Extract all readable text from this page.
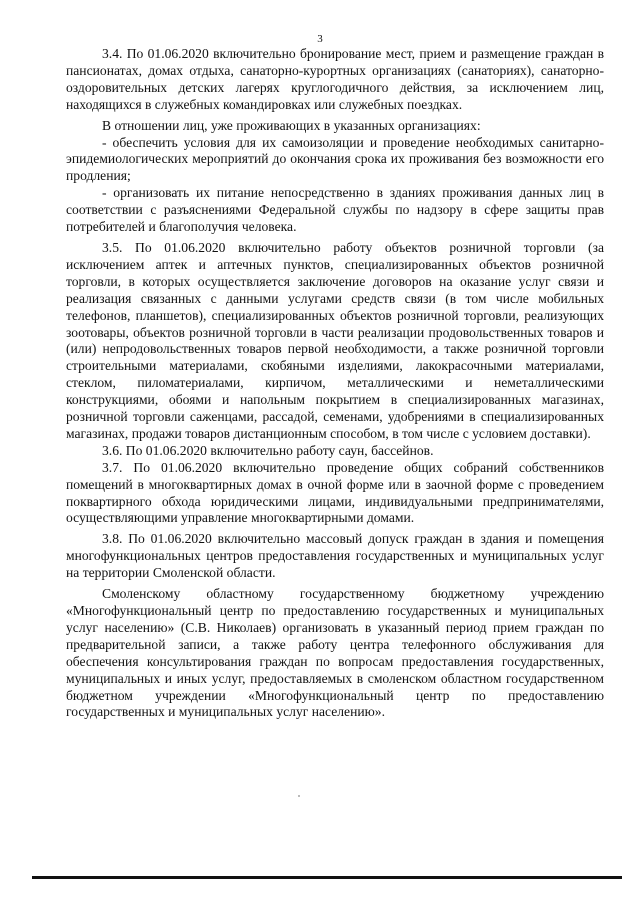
3

3.4. По 01.06.2020 включительно бронирование мест, прием и размещение граждан в пансионатах, домах отдыха, санаторно-курортных организациях (санаториях), санаторно-оздоровительных детских лагерях круглогодичного действия, за исключением лиц, находящихся в служебных командировках или служебных поездках.

В отношении лиц, уже проживающих в указанных организациях:

- обеспечить условия для их самоизоляции и проведение необходимых санитарно-эпидемиологических мероприятий до окончания срока их проживания без возможности его продления;

- организовать их питание непосредственно в зданиях проживания данных лиц в соответствии с разъяснениями Федеральной службы по надзору в сфере защиты прав потребителей и благополучия человека.

3.5. По 01.06.2020 включительно работу объектов розничной торговли (за исключением аптек и аптечных пунктов, специализированных объектов розничной торговли, в которых осуществляется заключение договоров на оказание услуг связи и реализация связанных с данными услугами средств связи (в том числе мобильных телефонов, планшетов), специализированных объектов розничной торговли, реализующих зоотовары, объектов розничной торговли в части реализации продовольственных товаров и (или) непродовольственных товаров первой необходимости, а также розничной торговли строительными материалами, скобяными изделиями, лакокрасочными материалами, стеклом, пиломатериалами, кирпичом, металлическими и неметаллическими конструкциями, обоями и напольным покрытием в специализированных магазинах, розничной торговли саженцами, рассадой, семенами, удобрениями в специализированных магазинах, продажи товаров дистанционным способом, в том числе с условием доставки).

3.6. По 01.06.2020 включительно работу саун, бассейнов.

3.7. По 01.06.2020 включительно проведение общих собраний собственников помещений в многоквартирных домах в очной форме или в заочной форме с проведением поквартирного обхода юридическими лицами, индивидуальными предпринимателями, осуществляющими управление многоквартирными домами.

3.8. По 01.06.2020 включительно массовый допуск граждан в здания и помещения многофункциональных центров предоставления государственных и муниципальных услуг на территории Смоленской области.

Смоленскому областному государственному бюджетному учреждению «Многофункциональный центр по предоставлению государственных и муниципальных услуг населению» (С.В. Николаев) организовать в указанный период прием граждан по предварительной записи, а также работу центра телефонного обслуживания для обеспечения консультирования граждан по вопросам предоставления государственных, муниципальных и иных услуг, предоставляемых в смоленском областном государственном бюджетном учреждении «Многофункциональный центр по предоставлению государственных и муниципальных услуг населению».
